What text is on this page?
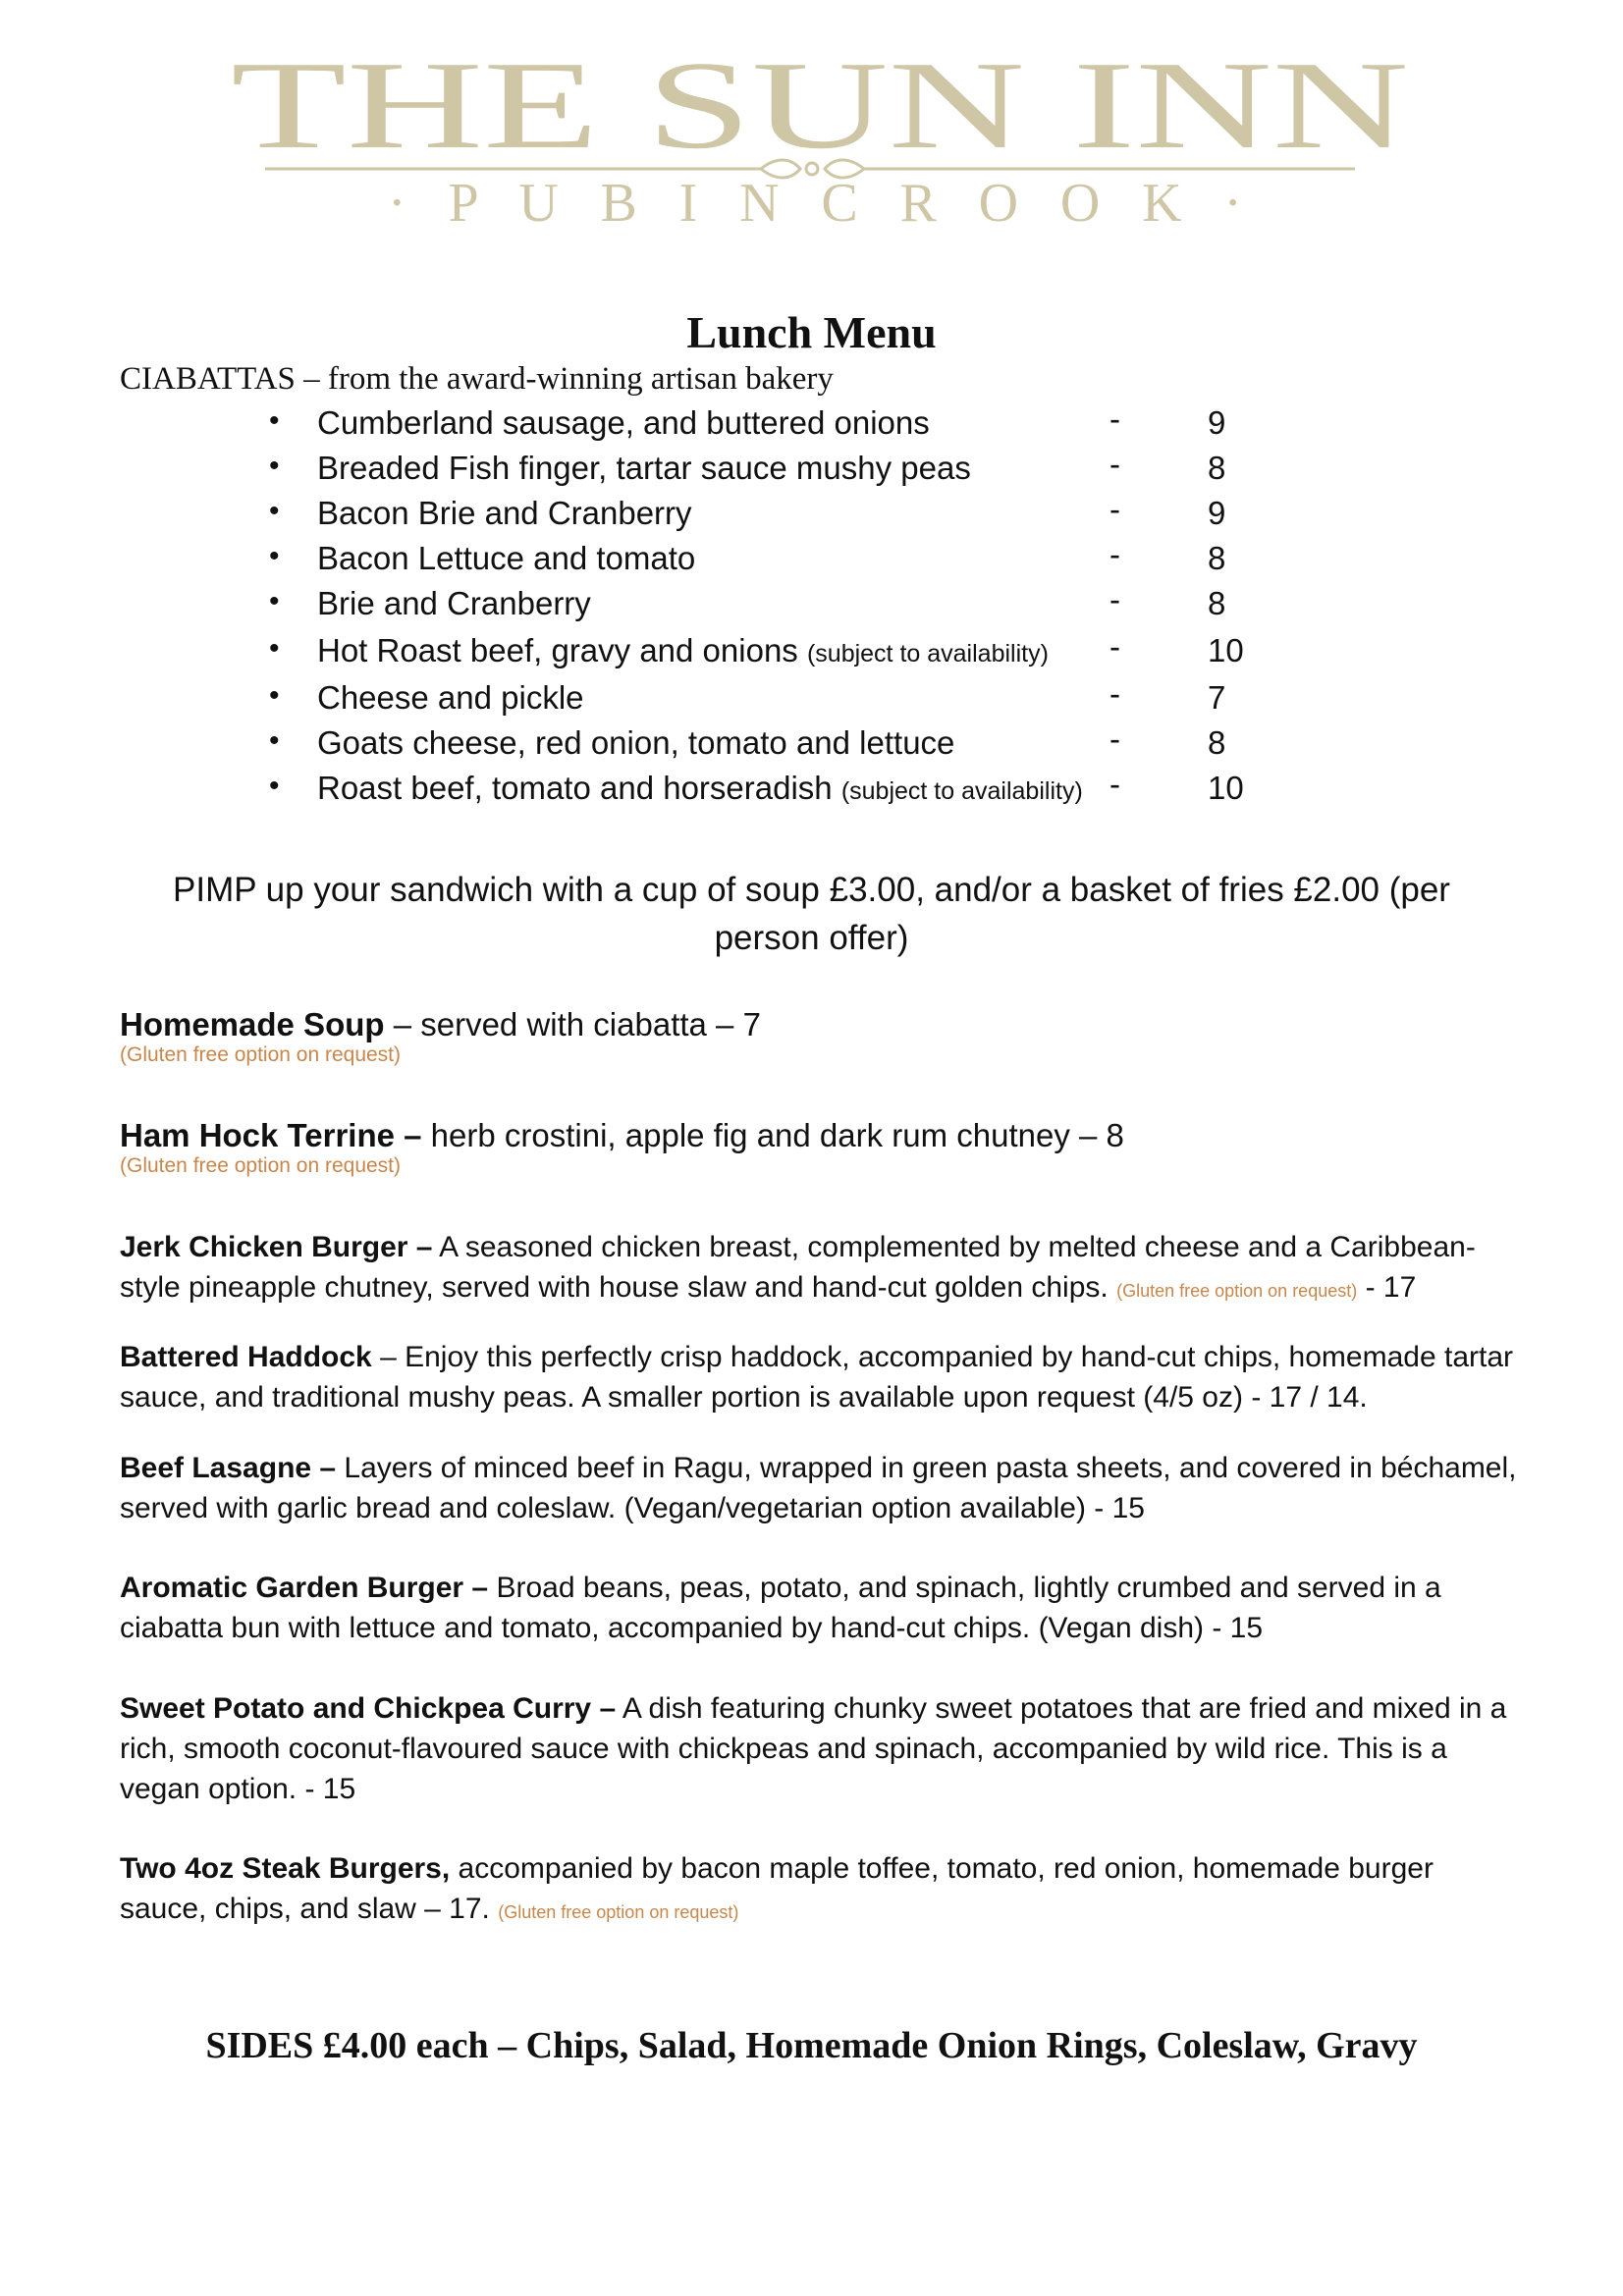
THE SUN INN
· P U B I N C R O O K ·
Lunch Menu
CIABATTAS – from the award-winning artisan bakery
• Cumberland sausage, and buttered onions	-	9
• Breaded Fish finger, tartar sauce mushy peas	-	8
• Bacon Brie and Cranberry	-	9
• Bacon Lettuce and tomato	-	8
• Brie and Cranberry	-	8
• Hot Roast beef, gravy and onions (subject to availability) -	10
• Cheese and pickle	-	7
• Goats cheese, red onion, tomato and lettuce	-	8
• Roast beef, tomato and horseradish (subject to availability) -	10
PIMP up your sandwich with a cup of soup £3.00, and/or a basket of fries £2.00 (per person offer)
Homemade Soup – served with ciabatta – 7
(Gluten free option on request)
Ham Hock Terrine – herb crostini, apple fig and dark rum chutney – 8
(Gluten free option on request)
Jerk Chicken Burger – A seasoned chicken breast, complemented by melted cheese and a Caribbean-style pineapple chutney, served with house slaw and hand-cut golden chips. (Gluten free option on request) - 17
Battered Haddock – Enjoy this perfectly crisp haddock, accompanied by hand-cut chips, homemade tartar sauce, and traditional mushy peas. A smaller portion is available upon request (4/5 oz) - 17 / 14.
Beef Lasagne – Layers of minced beef in Ragu, wrapped in green pasta sheets, and covered in béchamel, served with garlic bread and coleslaw. (Vegan/vegetarian option available) - 15
Aromatic Garden Burger – Broad beans, peas, potato, and spinach, lightly crumbed and served in a ciabatta bun with lettuce and tomato, accompanied by hand-cut chips. (Vegan dish) - 15
Sweet Potato and Chickpea Curry – A dish featuring chunky sweet potatoes that are fried and mixed in a rich, smooth coconut-flavoured sauce with chickpeas and spinach, accompanied by wild rice. This is a vegan option. - 15
Two 4oz Steak Burgers, accompanied by bacon maple toffee, tomato, red onion, homemade burger sauce, chips, and slaw – 17. (Gluten free option on request)
SIDES £4.00 each – Chips, Salad, Homemade Onion Rings, Coleslaw, Gravy
